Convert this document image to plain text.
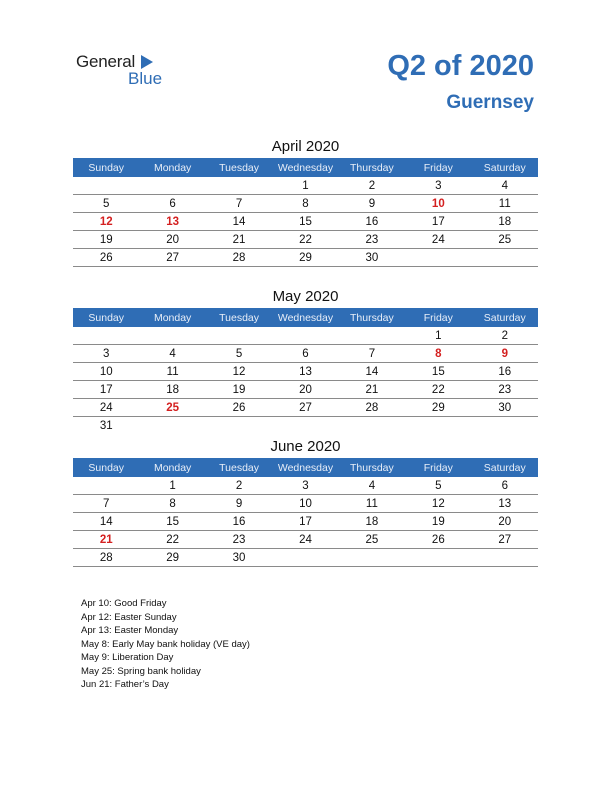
General
Blue	Q2 of 2020
Guernsey
April 2020
Sunday	Monday	Tuesday	Wednesday	Thursday	Friday	Saturday
			1	2	3	4
5	6	7	8	9	10	11
12	13	14	15	16	17	18
19	20	21	22	23	24	25
26	27	28	29	30		
May 2020
Sunday	Monday	Tuesday	Wednesday	Thursday	Friday	Saturday
					1	2
3	4	5	6	7	8	9
10	11	12	13	14	15	16
17	18	19	20	21	22	23
24	25	26	27	28	29	30
31						
June 2020
Sunday	Monday	Tuesday	Wednesday	Thursday	Friday	Saturday
	1	2	3	4	5	6
7	8	9	10	11	12	13
14	15	16	17	18	19	20
21	22	23	24	25	26	27
28	29	30				
Apr 10: Good Friday
Apr 12: Easter Sunday
Apr 13: Easter Monday
May 8: Early May bank holiday (VE day)
May 9: Liberation Day
May 25: Spring bank holiday
Jun 21: Father’s Day
